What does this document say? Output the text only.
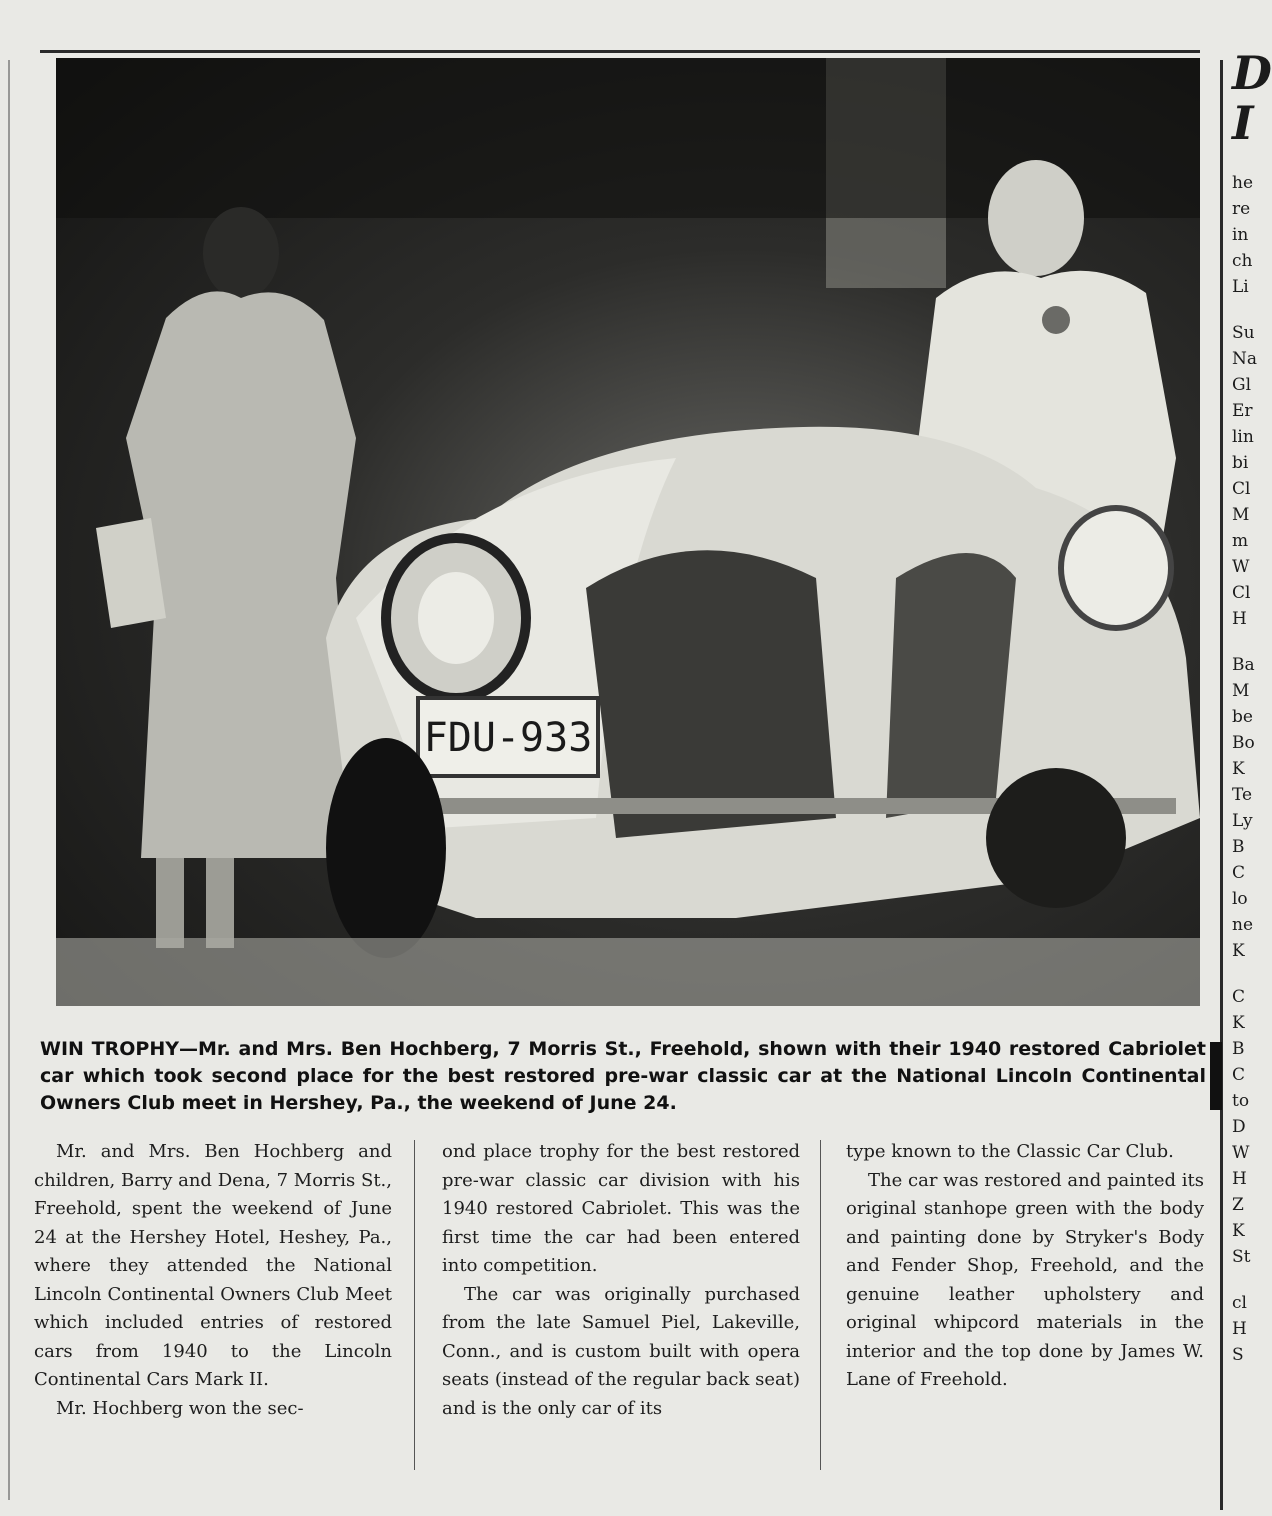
FDU-933
WIN TROPHY—Mr. and Mrs. Ben Hochberg, 7 Morris St., Freehold, shown with their 1940 restored Cabriolet car which took second place for the best restored pre-war classic car at the National Lincoln Continental Owners Club meet in Hershey, Pa., the weekend of June 24.

Mr. and Mrs. Ben Hochberg and children, Barry and Dena, 7 Morris St., Freehold, spent the weekend of June 24 at the Hershey Hotel, Heshey, Pa., where they attended the National Lincoln Continental Owners Club Meet which included entries of restored cars from 1940 to the Lincoln Continental Cars Mark II.

Mr. Hochberg won the sec-

ond place trophy for the best restored pre-war classic car division with his 1940 restored Cabriolet. This was the first time the car had been entered into competition.

The car was originally purchased from the late Samuel Piel, Lakeville, Conn., and is custom built with opera seats (instead of the regular back seat) and is the only car of its

type known to the Classic Car Club.

The car was restored and painted its original stanhope green with the body and painting done by Stryker's Body and Fender Shop, Freehold, and the genuine leather upholstery and original whipcord materials in the interior and the top done by James W. Lane of Freehold.

D
I
he
re
in
ch
Li
Su
Na
Gl
Er
lin
bi
Cl
M
m
W
Cl
H
Ba
M
be
Bo
K
Te
Ly
B
C
lo
ne
K
C
K
B
C
to
D
W
H
Z
K
St
cl
H
S
